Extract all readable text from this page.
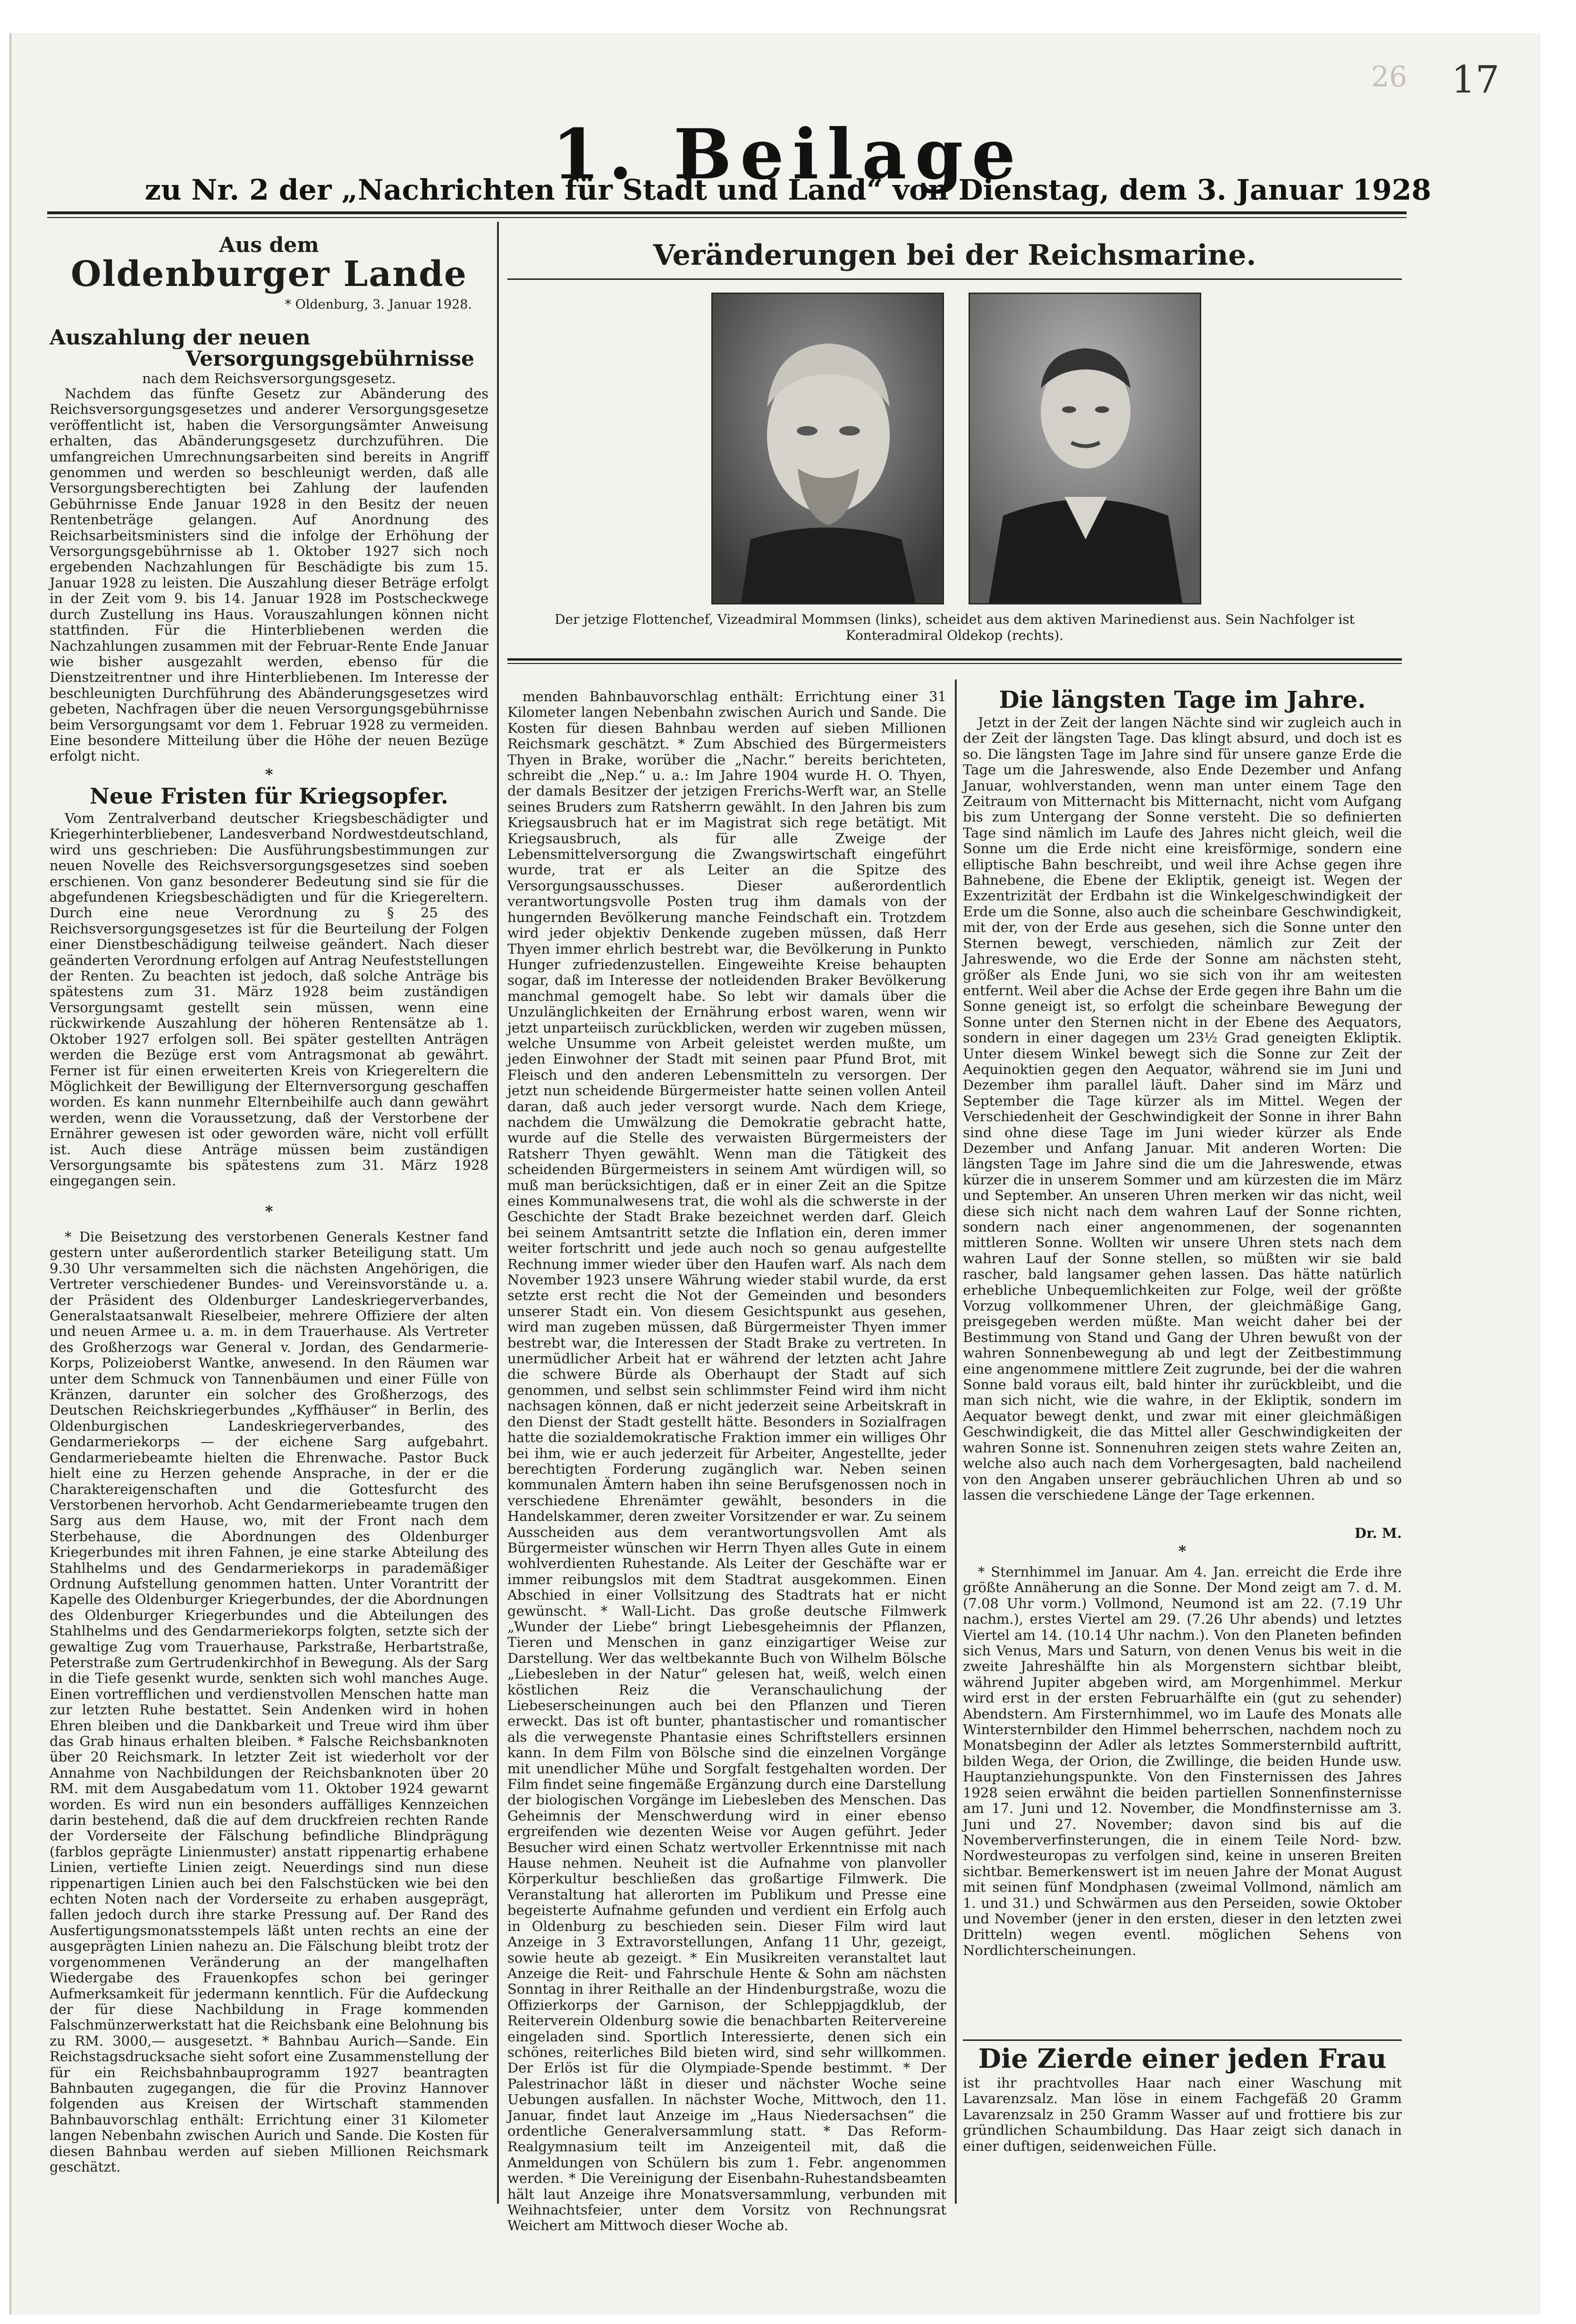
26 17
1. Beilage
zu Nr. 2 der „Nachrichten für Stadt und Land“ von Dienstag, dem 3. Januar 1928
Aus dem
Oldenburger Lande
* Oldenburg, 3. Januar 1928.
Auszahlung der neuen
Versorgungsgebührnisse
nach dem Reichsversorgungsgesetz.

Nachdem das fünfte Gesetz zur Abänderung des Reichsversorgungsgesetzes und anderer Versorgungsgesetze veröffentlicht ist, haben die Versorgungsämter Anweisung erhalten, das Abänderungsgesetz durchzuführen. Die umfangreichen Umrechnungsarbeiten sind bereits in Angriff genommen und werden so beschleunigt werden, daß alle Versorgungsberechtigten bei Zahlung der laufenden Gebührnisse Ende Januar 1928 in den Besitz der neuen Rentenbeträge gelangen. Auf Anordnung des Reichsarbeitsministers sind die infolge der Erhöhung der Versorgungsgebührnisse ab 1. Oktober 1927 sich noch ergebenden Nachzahlungen für Beschädigte bis zum 15. Januar 1928 zu leisten. Die Auszahlung dieser Beträge erfolgt in der Zeit vom 9. bis 14. Januar 1928 im Postscheckwege durch Zustellung ins Haus. Vorauszahlungen können nicht stattfinden. Für die Hinterbliebenen werden die Nachzahlungen zusammen mit der Februar-Rente Ende Januar wie bisher ausgezahlt werden, ebenso für die Dienstzeitrentner und ihre Hinterbliebenen. Im Interesse der beschleunigten Durchführung des Abänderungsgesetzes wird gebeten, Nachfragen über die neuen Versorgungsgebührnisse beim Versorgungsamt vor dem 1. Februar 1928 zu vermeiden. Eine besondere Mitteilung über die Höhe der neuen Bezüge erfolgt nicht.

*
Neue Fristen für Kriegsopfer.

Vom Zentralverband deutscher Kriegsbeschädigter und Kriegerhinterbliebener, Landesverband Nordwestdeutschland, wird uns geschrieben: Die Ausführungsbestimmungen zur neuen Novelle des Reichsversorgungsgesetzes sind soeben erschienen. Von ganz besonderer Bedeutung sind sie für die abgefundenen Kriegsbeschädigten und für die Kriegereltern. Durch eine neue Verordnung zu § 25 des Reichsversorgungsgesetzes ist für die Beurteilung der Folgen einer Dienstbeschädigung teilweise geändert. Nach dieser geänderten Verordnung erfolgen auf Antrag Neufeststellungen der Renten. Zu beachten ist jedoch, daß solche Anträge bis spätestens zum 31. März 1928 beim zuständigen Versorgungsamt gestellt sein müssen, wenn eine rückwirkende Auszahlung der höheren Rentensätze ab 1. Oktober 1927 erfolgen soll. Bei später gestellten Anträgen werden die Bezüge erst vom Antragsmonat ab gewährt. Ferner ist für einen erweiterten Kreis von Kriegereltern die Möglichkeit der Bewilligung der Elternversorgung geschaffen worden. Es kann nunmehr Elternbeihilfe auch dann gewährt werden, wenn die Voraussetzung, daß der Verstorbene der Ernährer gewesen ist oder geworden wäre, nicht voll erfüllt ist. Auch diese Anträge müssen beim zuständigen Versorgungsamte bis spätestens zum 31. März 1928 eingegangen sein.

*

* Die Beisetzung des verstorbenen Generals Kestner fand gestern unter außerordentlich starker Beteiligung statt. Um 9.30 Uhr versammelten sich die nächsten Angehörigen, die Vertreter verschiedener Bundes- und Vereinsvorstände u. a. der Präsident des Oldenburger Landeskriegerverbandes, Generalstaatsanwalt Rieselbeier, mehrere Offiziere der alten und neuen Armee u. a. m. in dem Trauerhause. Als Vertreter des Großherzogs war General v. Jordan, des Gendarmerie-Korps, Polizeioberst Wantke, anwesend. In den Räumen war unter dem Schmuck von Tannenbäumen und einer Fülle von Kränzen, darunter ein solcher des Großherzogs, des Deutschen Reichskriegerbundes „Kyffhäuser“ in Berlin, des Oldenburgischen Landeskriegerverbandes, des Gendarmeriekorps — der eichene Sarg aufgebahrt. Gendarmeriebeamte hielten die Ehrenwache. Pastor Buck hielt eine zu Herzen gehende Ansprache, in der er die Charaktereigenschaften und die Gottesfurcht des Verstorbenen hervorhob. Acht Gendarmeriebeamte trugen den Sarg aus dem Hause, wo, mit der Front nach dem Sterbehause, die Abordnungen des Oldenburger Kriegerbundes mit ihren Fahnen, je eine starke Abteilung des Stahlhelms und des Gendarmeriekorps in parademäßiger Ordnung Aufstellung genommen hatten. Unter Vorantritt der Kapelle des Oldenburger Kriegerbundes, der die Abordnungen des Oldenburger Kriegerbundes und die Abteilungen des Stahlhelms und des Gendarmeriekorps folgten, setzte sich der gewaltige Zug vom Trauerhause, Parkstraße, Herbartstraße, Peterstraße zum Gertrudenkirchhof in Bewegung. Als der Sarg in die Tiefe gesenkt wurde, senkten sich wohl manches Auge. Einen vortrefflichen und verdienstvollen Menschen hatte man zur letzten Ruhe bestattet. Sein Andenken wird in hohen Ehren bleiben und die Dankbarkeit und Treue wird ihm über das Grab hinaus erhalten bleiben. * Falsche Reichsbanknoten über 20 Reichsmark. In letzter Zeit ist wiederholt vor der Annahme von Nachbildungen der Reichsbanknoten über 20 RM. mit dem Ausgabedatum vom 11. Oktober 1924 gewarnt worden. Es wird nun ein besonders auffälliges Kennzeichen darin bestehend, daß die auf dem druckfreien rechten Rande der Vorderseite der Fälschung befindliche Blindprägung (farblos geprägte Linienmuster) anstatt rippenartig erhabene Linien, vertiefte Linien zeigt. Neuerdings sind nun diese rippenartigen Linien auch bei den Falschstücken wie bei den echten Noten nach der Vorderseite zu erhaben ausgeprägt, fallen jedoch durch ihre starke Pressung auf. Der Rand des Ausfertigungsmonatsstempels läßt unten rechts an eine der ausgeprägten Linien nahezu an. Die Fälschung bleibt trotz der vorgenommenen Veränderung an der mangelhaften Wiedergabe des Frauenkopfes schon bei geringer Aufmerksamkeit für jedermann kenntlich. Für die Aufdeckung der für diese Nachbildung in Frage kommenden Falschmünzerwerkstatt hat die Reichsbank eine Belohnung bis zu RM. 3000,— ausgesetzt. * Bahnbau Aurich—Sande. Ein Reichstagsdrucksache sieht sofort eine Zusammenstellung der für ein Reichsbahnbauprogramm 1927 beantragten Bahnbauten zugegangen, die für die Provinz Hannover folgenden aus Kreisen der Wirtschaft stammenden Bahnbauvorschlag enthält: Errichtung einer 31 Kilometer langen Nebenbahn zwischen Aurich und Sande. Die Kosten für diesen Bahnbau werden auf sieben Millionen Reichsmark geschätzt.

Veränderungen bei der Reichsmarine.
Der jetzige Flottenchef, Vizeadmiral Mommsen (links), scheidet aus dem aktiven Marinedienst aus. Sein Nachfolger ist Konteradmiral Oldekop (rechts).

menden Bahnbauvorschlag enthält: Errichtung einer 31 Kilometer langen Nebenbahn zwischen Aurich und Sande. Die Kosten für diesen Bahnbau werden auf sieben Millionen Reichsmark geschätzt. * Zum Abschied des Bürgermeisters Thyen in Brake, worüber die „Nachr.“ bereits berichteten, schreibt die „Nep.“ u. a.: Im Jahre 1904 wurde H. O. Thyen, der damals Besitzer der jetzigen Frerichs-Werft war, an Stelle seines Bruders zum Ratsherrn gewählt. In den Jahren bis zum Kriegsausbruch hat er im Magistrat sich rege betätigt. Mit Kriegsausbruch, als für alle Zweige der Lebensmittelversorgung die Zwangswirtschaft eingeführt wurde, trat er als Leiter an die Spitze des Versorgungsausschusses. Dieser außerordentlich verantwortungsvolle Posten trug ihm damals von der hungernden Bevölkerung manche Feindschaft ein. Trotzdem wird jeder objektiv Denkende zugeben müssen, daß Herr Thyen immer ehrlich bestrebt war, die Bevölkerung in Punkto Hunger zufriedenzustellen. Eingeweihte Kreise behaupten sogar, daß im Interesse der notleidenden Braker Bevölkerung manchmal gemogelt habe. So lebt wir damals über die Unzulänglichkeiten der Ernährung erbost waren, wenn wir jetzt unparteiisch zurückblicken, werden wir zugeben müssen, welche Unsumme von Arbeit geleistet werden mußte, um jeden Einwohner der Stadt mit seinen paar Pfund Brot, mit Fleisch und den anderen Lebensmitteln zu versorgen. Der jetzt nun scheidende Bürgermeister hatte seinen vollen Anteil daran, daß auch jeder versorgt wurde. Nach dem Kriege, nachdem die Umwälzung die Demokratie gebracht hatte, wurde auf die Stelle des verwaisten Bürgermeisters der Ratsherr Thyen gewählt. Wenn man die Tätigkeit des scheidenden Bürgermeisters in seinem Amt würdigen will, so muß man berücksichtigen, daß er in einer Zeit an die Spitze eines Kommunalwesens trat, die wohl als die schwerste in der Geschichte der Stadt Brake bezeichnet werden darf. Gleich bei seinem Amtsantritt setzte die Inflation ein, deren immer weiter fortschritt und jede auch noch so genau aufgestellte Rechnung immer wieder über den Haufen warf. Als nach dem November 1923 unsere Währung wieder stabil wurde, da erst setzte erst recht die Not der Gemeinden und besonders unserer Stadt ein. Von diesem Gesichtspunkt aus gesehen, wird man zugeben müssen, daß Bürgermeister Thyen immer bestrebt war, die Interessen der Stadt Brake zu vertreten. In unermüdlicher Arbeit hat er während der letzten acht Jahre die schwere Bürde als Oberhaupt der Stadt auf sich genommen, und selbst sein schlimmster Feind wird ihm nicht nachsagen können, daß er nicht jederzeit seine Arbeitskraft in den Dienst der Stadt gestellt hätte. Besonders in Sozialfragen hatte die sozialdemokratische Fraktion immer ein williges Ohr bei ihm, wie er auch jederzeit für Arbeiter, Angestellte, jeder berechtigten Forderung zugänglich war. Neben seinen kommunalen Ämtern haben ihn seine Berufsgenossen noch in verschiedene Ehrenämter gewählt, besonders in die Handelskammer, deren zweiter Vorsitzender er war. Zu seinem Ausscheiden aus dem verantwortungsvollen Amt als Bürgermeister wünschen wir Herrn Thyen alles Gute in einem wohlverdienten Ruhestande. Als Leiter der Geschäfte war er immer reibungslos mit dem Stadtrat ausgekommen. Einen Abschied in einer Vollsitzung des Stadtrats hat er nicht gewünscht. * Wall-Licht. Das große deutsche Filmwerk „Wunder der Liebe“ bringt Liebesgeheimnis der Pflanzen, Tieren und Menschen in ganz einzigartiger Weise zur Darstellung. Wer das weltbekannte Buch von Wilhelm Bölsche „Liebesleben in der Natur“ gelesen hat, weiß, welch einen köstlichen Reiz die Veranschaulichung der Liebeserscheinungen auch bei den Pflanzen und Tieren erweckt. Das ist oft bunter, phantastischer und romantischer als die verwegenste Phantasie eines Schriftstellers ersinnen kann. In dem Film von Bölsche sind die einzelnen Vorgänge mit unendlicher Mühe und Sorgfalt festgehalten worden. Der Film findet seine fingemäße Ergänzung durch eine Darstellung der biologischen Vorgänge im Liebesleben des Menschen. Das Geheimnis der Menschwerdung wird in einer ebenso ergreifenden wie dezenten Weise vor Augen geführt. Jeder Besucher wird einen Schatz wertvoller Erkenntnisse mit nach Hause nehmen. Neuheit ist die Aufnahme von planvoller Körperkultur beschließen das großartige Filmwerk. Die Veranstaltung hat allerorten im Publikum und Presse eine begeisterte Aufnahme gefunden und verdient ein Erfolg auch in Oldenburg zu beschieden sein. Dieser Film wird laut Anzeige in 3 Extravorstellungen, Anfang 11 Uhr, gezeigt, sowie heute ab gezeigt. * Ein Musikreiten veranstaltet laut Anzeige die Reit- und Fahrschule Hente & Sohn am nächsten Sonntag in ihrer Reithalle an der Hindenburgstraße, wozu die Offizierkorps der Garnison, der Schleppjagdklub, der Reiterverein Oldenburg sowie die benachbarten Reitervereine eingeladen sind. Sportlich Interessierte, denen sich ein schönes, reiterliches Bild bieten wird, sind sehr willkommen. Der Erlös ist für die Olympiade-Spende bestimmt. * Der Palestrinachor läßt in dieser und nächster Woche seine Uebungen ausfallen. In nächster Woche, Mittwoch, den 11. Januar, findet laut Anzeige im „Haus Niedersachsen“ die ordentliche Generalversammlung statt. * Das Reform-Realgymnasium teilt im Anzeigenteil mit, daß die Anmeldungen von Schülern bis zum 1. Febr. angenommen werden. * Die Vereinigung der Eisenbahn-Ruhestandsbeamten hält laut Anzeige ihre Monatsversammlung, verbunden mit Weihnachtsfeier, unter dem Vorsitz von Rechnungsrat Weichert am Mittwoch dieser Woche ab.

Die längsten Tage im Jahre.

Jetzt in der Zeit der langen Nächte sind wir zugleich auch in der Zeit der längsten Tage. Das klingt absurd, und doch ist es so. Die längsten Tage im Jahre sind für unsere ganze Erde die Tage um die Jahreswende, also Ende Dezember und Anfang Januar, wohlverstanden, wenn man unter einem Tage den Zeitraum von Mitternacht bis Mitternacht, nicht vom Aufgang bis zum Untergang der Sonne versteht. Die so definierten Tage sind nämlich im Laufe des Jahres nicht gleich, weil die Sonne um die Erde nicht eine kreisförmige, sondern eine elliptische Bahn beschreibt, und weil ihre Achse gegen ihre Bahnebene, die Ebene der Ekliptik, geneigt ist. Wegen der Exzentrizität der Erdbahn ist die Winkelgeschwindigkeit der Erde um die Sonne, also auch die scheinbare Geschwindigkeit, mit der, von der Erde aus gesehen, sich die Sonne unter den Sternen bewegt, verschieden, nämlich zur Zeit der Jahreswende, wo die Erde der Sonne am nächsten steht, größer als Ende Juni, wo sie sich von ihr am weitesten entfernt. Weil aber die Achse der Erde gegen ihre Bahn um die Sonne geneigt ist, so erfolgt die scheinbare Bewegung der Sonne unter den Sternen nicht in der Ebene des Aequators, sondern in einer dagegen um 23½ Grad geneigten Ekliptik. Unter diesem Winkel bewegt sich die Sonne zur Zeit der Aequinoktien gegen den Aequator, während sie im Juni und Dezember ihm parallel läuft. Daher sind im März und September die Tage kürzer als im Mittel. Wegen der Verschiedenheit der Geschwindigkeit der Sonne in ihrer Bahn sind ohne diese Tage im Juni wieder kürzer als Ende Dezember und Anfang Januar. Mit anderen Worten: Die längsten Tage im Jahre sind die um die Jahreswende, etwas kürzer die in unserem Sommer und am kürzesten die im März und September. An unseren Uhren merken wir das nicht, weil diese sich nicht nach dem wahren Lauf der Sonne richten, sondern nach einer angenommenen, der sogenannten mittleren Sonne. Wollten wir unsere Uhren stets nach dem wahren Lauf der Sonne stellen, so müßten wir sie bald rascher, bald langsamer gehen lassen. Das hätte natürlich erhebliche Unbequemlichkeiten zur Folge, weil der größte Vorzug vollkommener Uhren, der gleichmäßige Gang, preisgegeben werden müßte. Man weicht daher bei der Bestimmung von Stand und Gang der Uhren bewußt von der wahren Sonnenbewegung ab und legt der Zeitbestimmung eine angenommene mittlere Zeit zugrunde, bei der die wahren Sonne bald voraus eilt, bald hinter ihr zurückbleibt, und die man sich nicht, wie die wahre, in der Ekliptik, sondern im Aequator bewegt denkt, und zwar mit einer gleichmäßigen Geschwindigkeit, die das Mittel aller Geschwindigkeiten der wahren Sonne ist. Sonnenuhren zeigen stets wahre Zeiten an, welche also auch nach dem Vorhergesagten, bald nacheilend von den Angaben unserer gebräuchlichen Uhren ab und so lassen die verschiedene Länge der Tage erkennen.

Dr. M.
*

* Sternhimmel im Januar. Am 4. Jan. erreicht die Erde ihre größte Annäherung an die Sonne. Der Mond zeigt am 7. d. M. (7.08 Uhr vorm.) Vollmond, Neumond ist am 22. (7.19 Uhr nachm.), erstes Viertel am 29. (7.26 Uhr abends) und letztes Viertel am 14. (10.14 Uhr nachm.). Von den Planeten befinden sich Venus, Mars und Saturn, von denen Venus bis weit in die zweite Jahreshälfte hin als Morgenstern sichtbar bleibt, während Jupiter abgeben wird, am Morgenhimmel. Merkur wird erst in der ersten Februarhälfte ein (gut zu sehender) Abendstern. Am Firsternhimmel, wo im Laufe des Monats alle Wintersternbilder den Himmel beherrschen, nachdem noch zu Monatsbeginn der Adler als letztes Sommersternbild auftritt, bilden Wega, der Orion, die Zwillinge, die beiden Hunde usw. Hauptanziehungspunkte. Von den Finsternissen des Jahres 1928 seien erwähnt die beiden partiellen Sonnenfinsternisse am 17. Juni und 12. November, die Mondfinsternisse am 3. Juni und 27. November; davon sind bis auf die Novemberverfinsterungen, die in einem Teile Nord- bzw. Nordwesteuropas zu verfolgen sind, keine in unseren Breiten sichtbar. Bemerkenswert ist im neuen Jahre der Monat August mit seinen fünf Mondphasen (zweimal Vollmond, nämlich am 1. und 31.) und Schwärmen aus den Perseiden, sowie Oktober und November (jener in den ersten, dieser in den letzten zwei Dritteln) wegen eventl. möglichen Sehens von Nordlichterscheinungen.

Die Zierde einer jeden Frau

ist ihr prachtvolles Haar nach einer Waschung mit Lavarenzsalz. Man löse in einem Fachgefäß 20 Gramm Lavarenzsalz in 250 Gramm Wasser auf und frottiere bis zur gründlichen Schaumbildung. Das Haar zeigt sich danach in einer duftigen, seidenweichen Fülle.
